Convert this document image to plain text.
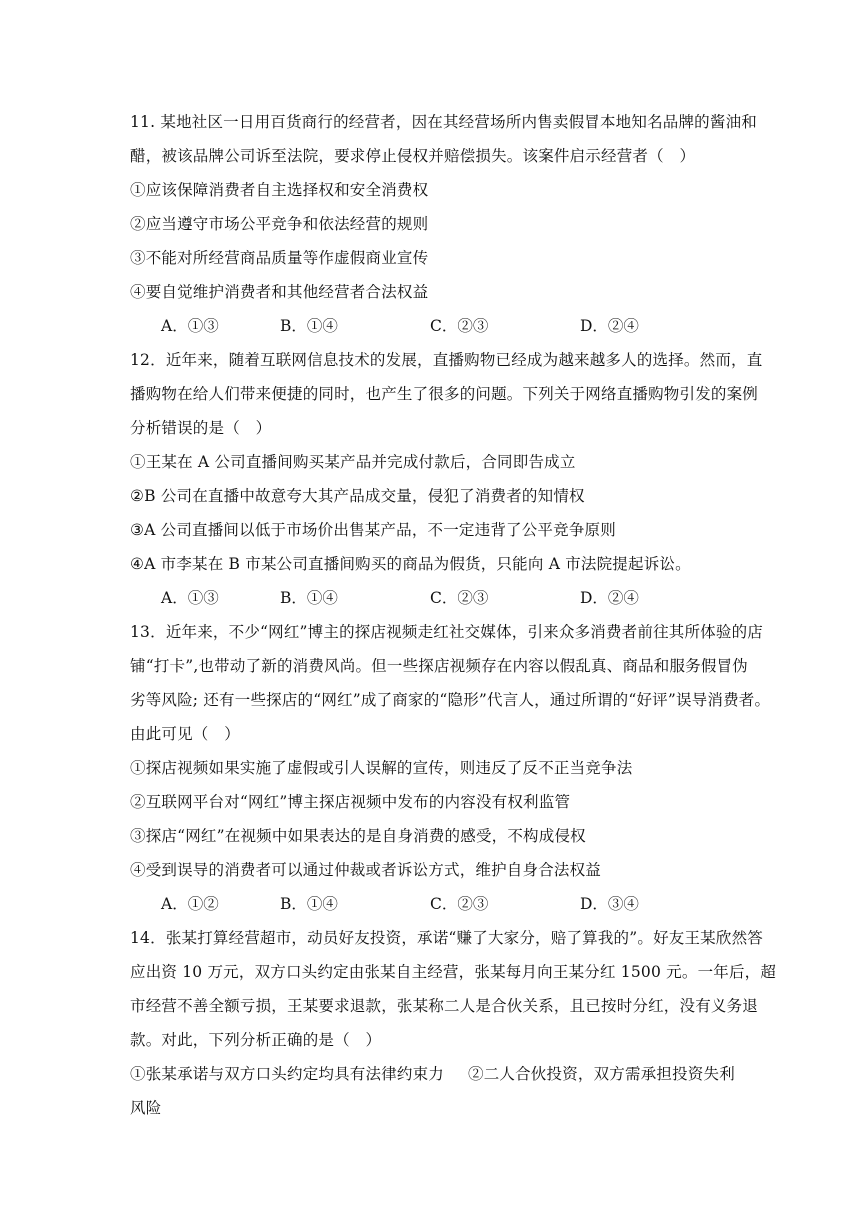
11. 某地社区一日用百货商行的经营者，因在其经营场所内售卖假冒本地知名品牌的酱油和
醋，被该品牌公司诉至法院，要求停止侵权并赔偿损失。该案件启示经营者（　）
①应该保障消费者自主选择权和安全消费权
②应当遵守市场公平竞争和依法经营的规则
③不能对所经营商品质量等作虚假商业宣传
④要自觉维护消费者和其他经营者合法权益
A．①③	B．①④	C．②③	D．②④
12．近年来，随着互联网信息技术的发展，直播购物已经成为越来越多人的选择。然而，直
播购物在给人们带来便捷的同时，也产生了很多的问题。下列关于网络直播购物引发的案例
分析错误的是（　）
①王某在 A 公司直播间购买某产品并完成付款后，合同即告成立
②B 公司在直播中故意夸大其产品成交量，侵犯了消费者的知情权
③A 公司直播间以低于市场价出售某产品，不一定违背了公平竞争原则
④A 市李某在 B 市某公司直播间购买的商品为假货，只能向 A 市法院提起诉讼。
A．①③	B．①④	C．②③	D．②④
13．近年来，不少“网红”博主的探店视频走红社交媒体，引来众多消费者前往其所体验的店
铺“打卡”,也带动了新的消费风尚。但一些探店视频存在内容以假乱真、商品和服务假冒伪
劣等风险; 还有一些探店的“网红”成了商家的“隐形”代言人，通过所谓的“好评”误导消费者。
由此可见（　）
①探店视频如果实施了虚假或引人误解的宣传，则违反了反不正当竞争法
②互联网平台对“网红”博主探店视频中发布的内容没有权利监管
③探店“网红”在视频中如果表达的是自身消费的感受，不构成侵权
④受到误导的消费者可以通过仲裁或者诉讼方式，维护自身合法权益
A．①②	B．①④	C．②③	D．③④
14．张某打算经营超市，动员好友投资，承诺“赚了大家分，赔了算我的”。好友王某欣然答
应出资 10 万元，双方口头约定由张某自主经营，张某每月向王某分红 1500 元。一年后，超
市经营不善全额亏损，王某要求退款，张某称二人是合伙关系，且已按时分红，没有义务退
款。对此，下列分析正确的是（　）
①张某承诺与双方口头约定均具有法律约束力 ②二人合伙投资，双方需承担投资失利
风险
